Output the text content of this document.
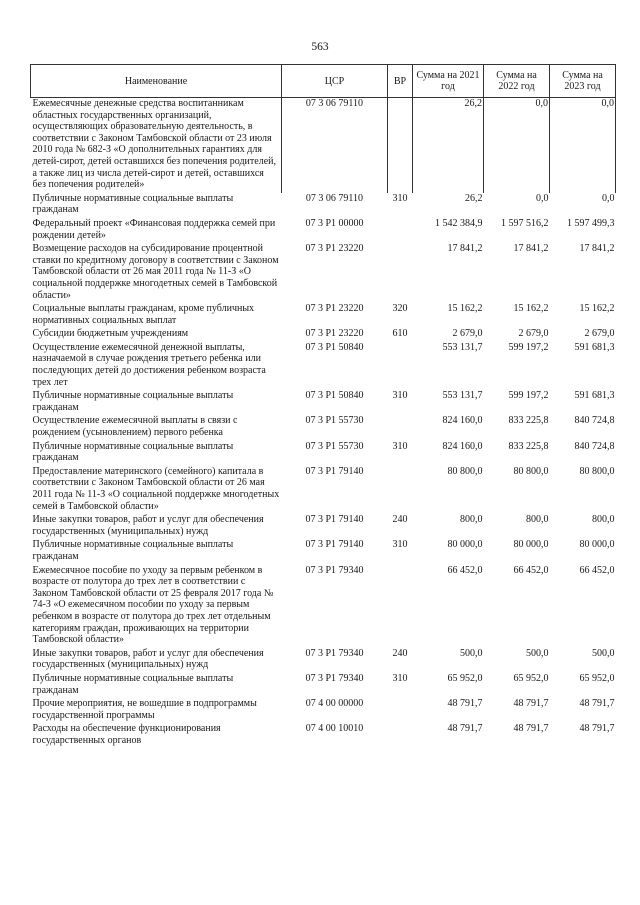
563
Наименование	ЦСР	ВР	Сумма на 2021 год	Сумма на 2022 год	Сумма на 2023 год
Ежемесячные денежные средства воспитанникам областных государственных организаций, осуществляющих образовательную деятельность, в соответствии с Законом Тамбовской области от 23 июля 2010 года № 682-З «О дополнительных гарантиях для детей-сирот, детей оставшихся без попечения родителей, а также лиц из числа детей-сирот и детей, оставшихся без попечения родителей»	07 3 06 79110		26,2	0,0	0,0
Публичные нормативные социальные выплаты гражданам	07 3 06 79110	310	26,2	0,0	0,0
Федеральный проект «Финансовая поддержка семей при рождении детей»	07 3 Р1 00000		1 542 384,9	1 597 516,2	1 597 499,3
Возмещение расходов на субсидирование процентной ставки по кредитному договору в соответствии с Законом Тамбовской области от 26 мая 2011 года № 11-З «О социальной поддержке многодетных семей в Тамбовской области»	07 3 Р1 23220		17 841,2	17 841,2	17 841,2
Социальные выплаты гражданам, кроме публичных нормативных социальных выплат	07 3 Р1 23220	320	15 162,2	15 162,2	15 162,2
Субсидии бюджетным учреждениям	07 3 Р1 23220	610	2 679,0	2 679,0	2 679,0
Осуществление ежемесячной денежной выплаты, назначаемой в случае рождения третьего ребенка или последующих детей до достижения ребенком возраста трех лет	07 3 Р1 50840		553 131,7	599 197,2	591 681,3
Публичные нормативные социальные выплаты гражданам	07 3 Р1 50840	310	553 131,7	599 197,2	591 681,3
Осуществление ежемесячной выплаты в связи с рождением (усыновлением) первого ребенка	07 3 Р1 55730		824 160,0	833 225,8	840 724,8
Публичные нормативные социальные выплаты гражданам	07 3 Р1 55730	310	824 160,0	833 225,8	840 724,8
Предоставление материнского (семейного) капитала в соответствии с Законом Тамбовской области от 26 мая 2011 года № 11-З «О социальной поддержке многодетных семей в Тамбовской области»	07 3 Р1 79140		80 800,0	80 800,0	80 800,0
Иные закупки товаров, работ и услуг для обеспечения государственных (муниципальных) нужд	07 3 Р1 79140	240	800,0	800,0	800,0
Публичные нормативные социальные выплаты гражданам	07 3 Р1 79140	310	80 000,0	80 000,0	80 000,0
Ежемесячное пособие по уходу за первым ребенком в возрасте от полутора до трех лет в соответствии с Законом Тамбовской области от 25 февраля 2017 года № 74-З «О ежемесячном пособии по уходу за первым ребенком в возрасте от полутора до трех лет отдельным категориям граждан, проживающих на территории Тамбовской области»	07 3 Р1 79340		66 452,0	66 452,0	66 452,0
Иные закупки товаров, работ и услуг для обеспечения государственных (муниципальных) нужд	07 3 Р1 79340	240	500,0	500,0	500,0
Публичные нормативные социальные выплаты гражданам	07 3 Р1 79340	310	65 952,0	65 952,0	65 952,0
Прочие мероприятия, не вошедшие в подпрограммы государственной программы	07 4 00 00000		48 791,7	48 791,7	48 791,7
Расходы на обеспечение функционирования государственных органов	07 4 00 10010		48 791,7	48 791,7	48 791,7
